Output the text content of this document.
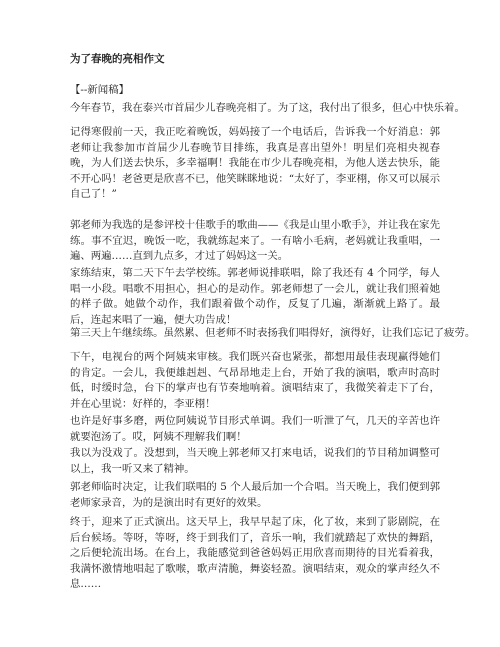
为了春晚的亮相作文

【--新闻稿】

今年春节，我在泰兴市首届少儿春晚亮相了。为了这，我付出了很多，但心中快乐着。

记得寒假前一天，我正吃着晚饭，妈妈接了一个电话后，告诉我一个好消息：郭老师让我参加市首届少儿春晚节目排练，我真是喜出望外！明星们亮相央视春晚，为人们送去快乐，多幸福啊！我能在市少儿春晚亮相，为他人送去快乐，能不开心吗！老爸更是欣喜不已，他笑眯眯地说：“太好了，李亚栩，你又可以展示自己了！”

郭老师为我选的是参评校十佳歌手的歌曲——《我是山里小歌手》，并让我在家先练。事不宜迟，晚饭一吃，我就练起来了。一有啥小毛病，老妈就让我重唱，一遍、两遍……直到九点多，才过了妈妈这一关。

家练结束，第二天下午去学校练。郭老师说排联唱，除了我还有 4 个同学，每人唱一小段。唱歌不用担心，担心的是动作。郭老师想了一会儿，就让我们照着她的样子做。她做个动作，我们跟着做个动作，反复了几遍，渐渐就上路了。最后，连起来唱了一遍，便大功告成！

第三天上午继续练。虽然累、但老师不时表扬我们唱得好，演得好，让我们忘记了疲劳。

下午，电视台的两个阿姨来审核。我们既兴奋也紧张，都想用最佳表现赢得她们的肯定。一会儿，我便雄赳赳、气昂昂地走上台，开始了我的演唱，歌声时高时低，时缓时急，台下的掌声也有节奏地响着。演唱结束了，我微笑着走下了台，并在心里说：好样的，李亚栩！

也许是好事多磨，两位阿姨说节目形式单调。我们一听泄了气，几天的辛苦也许就要泡汤了。哎，阿姨不理解我们啊！

我以为没戏了。没想到，当天晚上郭老师又打来电话，说我们的节目稍加调整可以上，我一听又来了精神。

郭老师临时决定，让我们联唱的 5 个人最后加一个合唱。当天晚上，我们便到郭老师家录音，为的是演出时有更好的效果。

终于，迎来了正式演出。这天早上，我早早起了床，化了妆，来到了影剧院，在后台候场。等呀，等呀，终于到我们了，音乐一响，我们就踏起了欢快的舞蹈，之后便轮流出场。在台上，我能感觉到爸爸妈妈正用欣喜而期待的目光看着我，我满怀激情地唱起了歌喉，歌声清脆，舞姿轻盈。演唱结束，观众的掌声经久不息……
